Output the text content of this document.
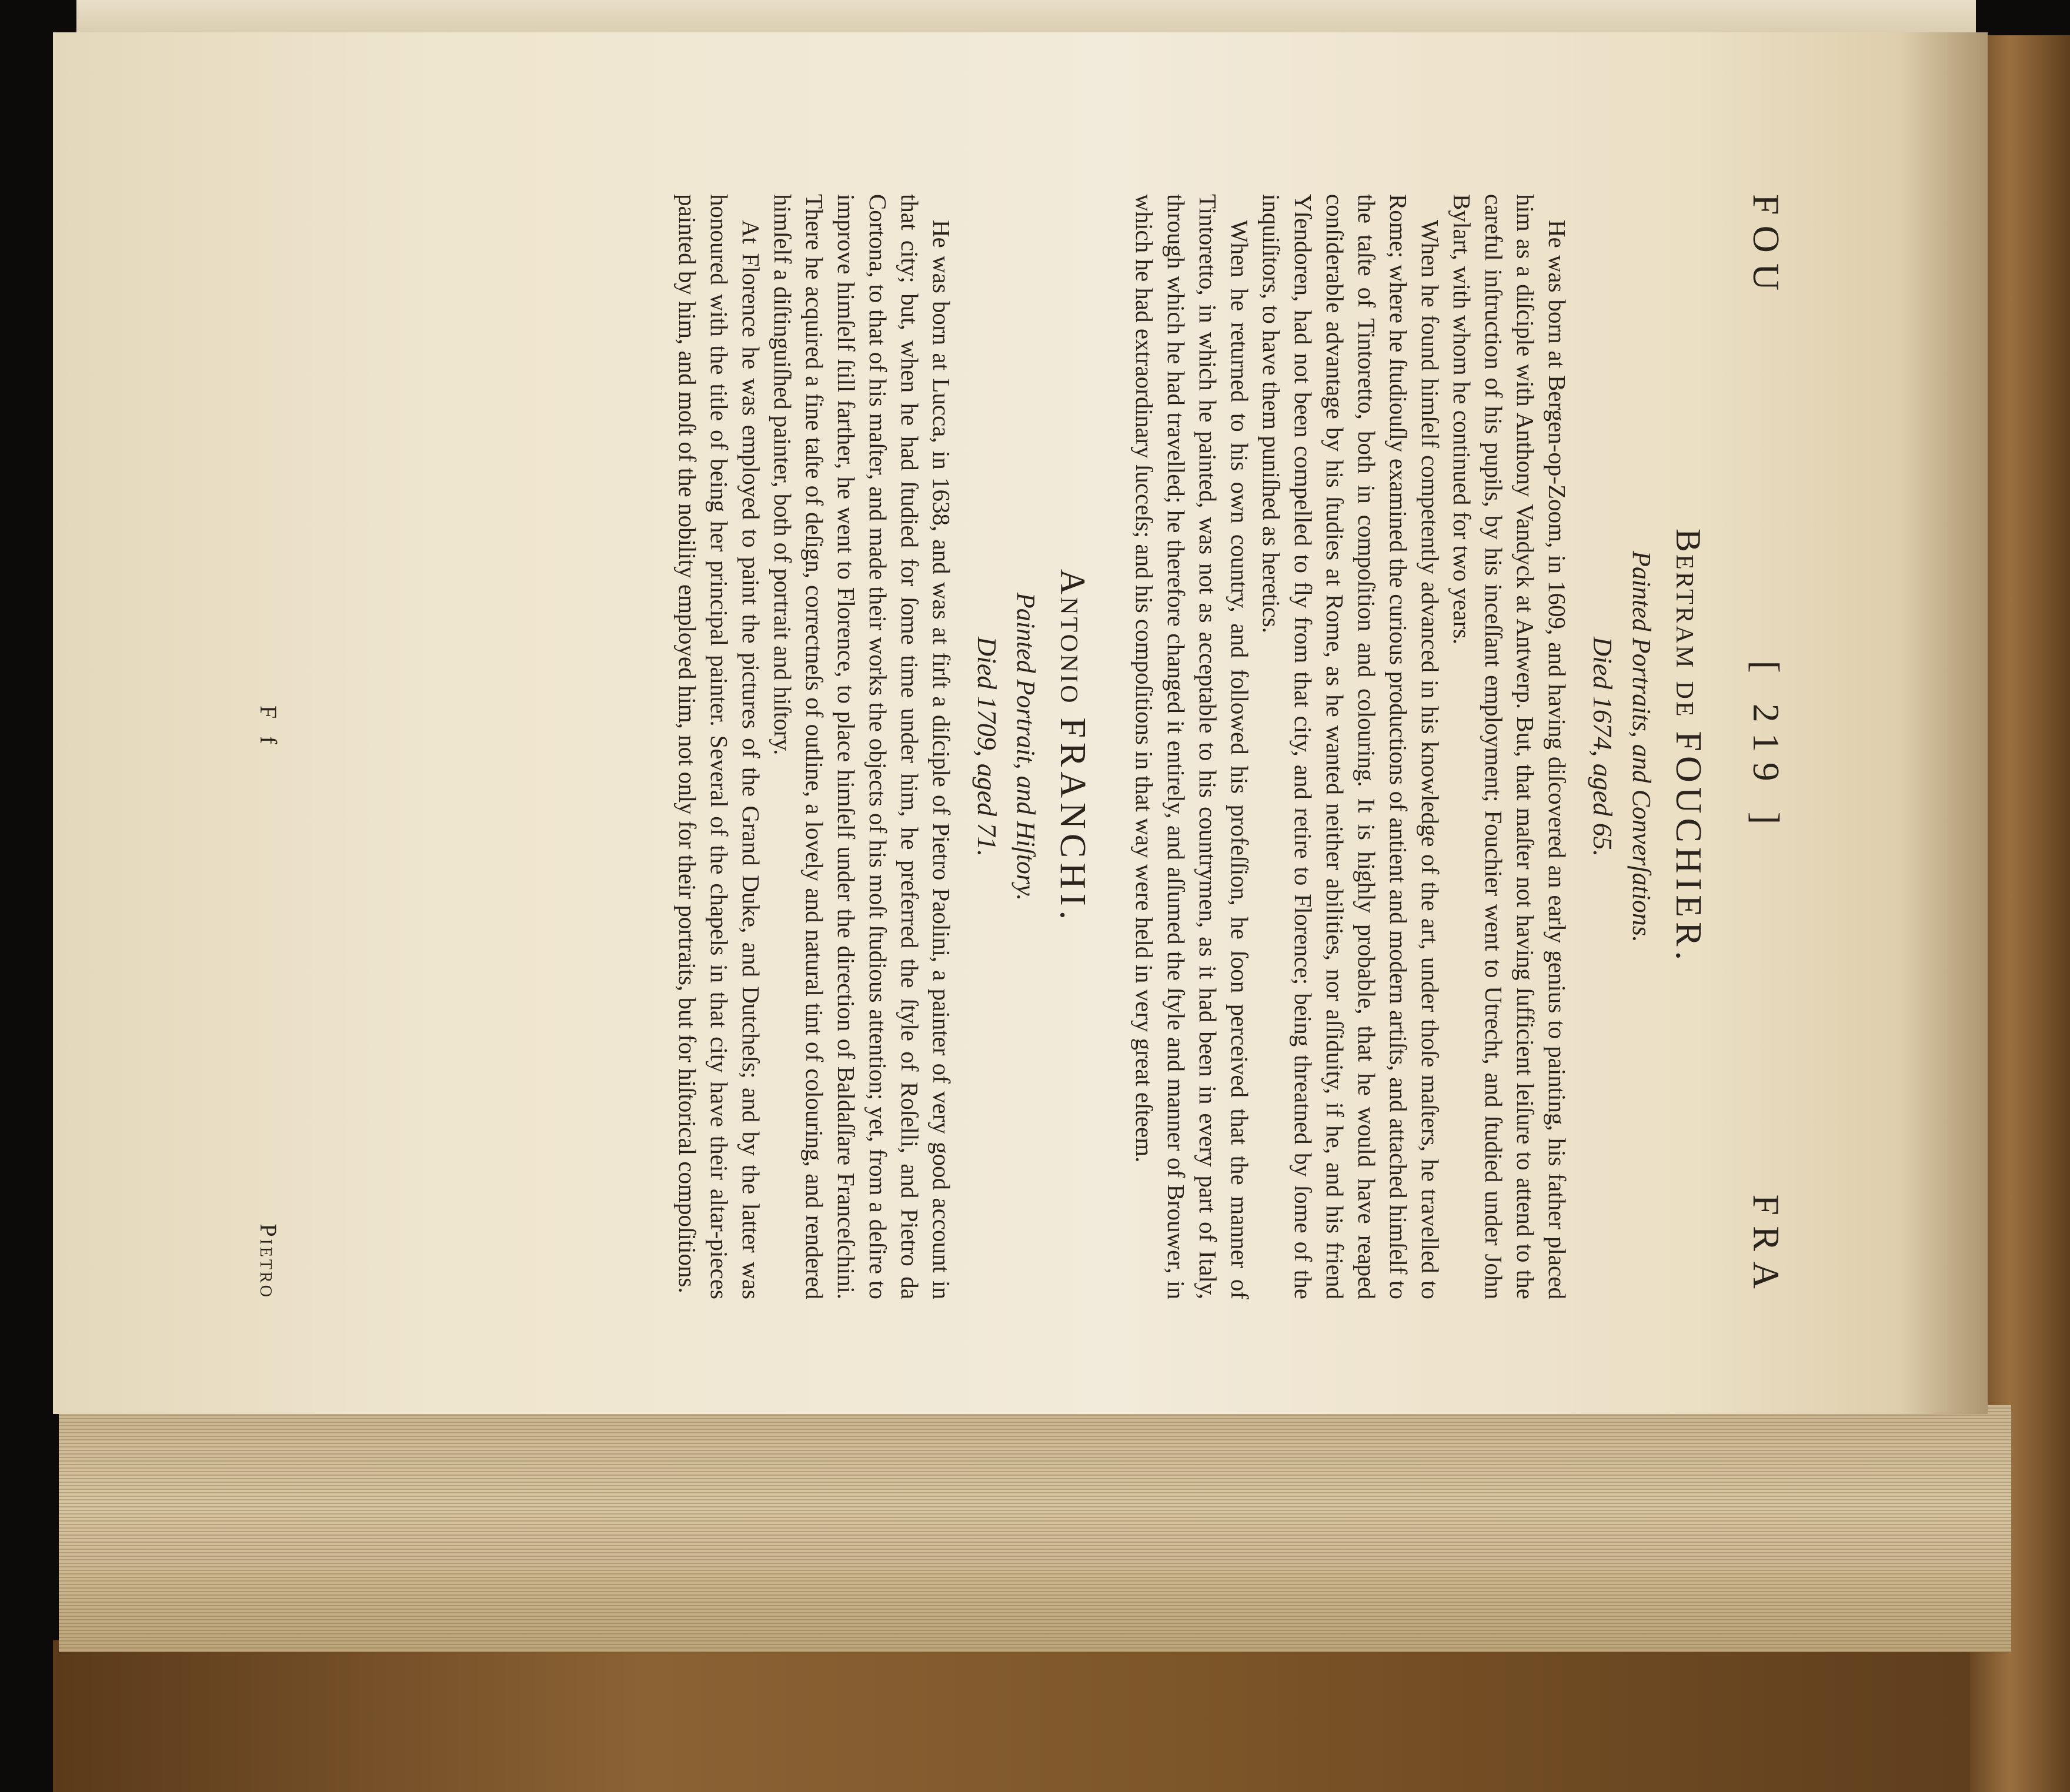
FOU
[ 219 ]
FRA
Bertram de FOUCHIER.
Painted Portraits, and Converſations.
Died 1674, aged 65.

He was born at Bergen-op-Zoom, in 1609, and having diſcovered an early genius to painting, his father placed him as a diſciple with Anthony Vandyck at Antwerp. But, that maſter not having ſufficient leiſure to attend to the careful inſtruction of his pupils, by his inceſſant employment; Fouchier went to Utrecht, and ſtudied under John Bylart, with whom he continued for two years.

When he found himſelf competently advanced in his knowledge of the art, under thoſe maſters, he travelled to Rome; where he ſtudiouſly examined the curious productions of antient and modern artiſts, and attached himſelf to the taſte of Tintoretto, both in compoſition and colouring. It is highly probable, that he would have reaped conſiderable advantage by his ſtudies at Rome, as he wanted neither abilities, nor aſſiduity, if he, and his friend Yſendoren, had not been compelled to fly from that city, and retire to Florence; being threatned by ſome of the inquiſitors, to have them puniſhed as heretics.

When he returned to his own country, and followed his profeſſion, he ſoon perceived that the manner of Tintoretto, in which he painted, was not as acceptable to his countrymen, as it had been in every part of Italy, through which he had travelled; he therefore changed it entirely, and aſſumed the ſtyle and manner of Brouwer, in which he had extraordinary ſucceſs; and his compoſitions in that way were held in very great eſteem.

Antonio FRANCHI.
Painted Portrait, and Hiſtory.
Died 1709, aged 71.

He was born at Lucca, in 1638, and was at firſt a diſciple of Pietro Paolini, a painter of very good account in that city; but, when he had ſtudied for ſome time under him, he preferred the ſtyle of Roſelli, and Pietro da Cortona, to that of his maſter, and made their works the objects of his moſt ſtudious attention; yet, from a deſire to improve himſelf ſtill farther, he went to Florence, to place himſelf under the direction of Baldaſſare Franceſchini. There he acquired a fine taſte of deſign, correctneſs of outline, a lovely and natural tint of colouring, and rendered himſelf a diſtinguiſhed painter, both of portrait and hiſtory.

At Florence he was employed to paint the pictures of the Grand Duke, and Dutcheſs; and by the latter was honoured with the title of being her principal painter. Several of the chapels in that city have their altar-pieces painted by him, and moſt of the nobility employed him, not only for their portraits, but for hiſtorical compoſitions.

Ff
Pietro
